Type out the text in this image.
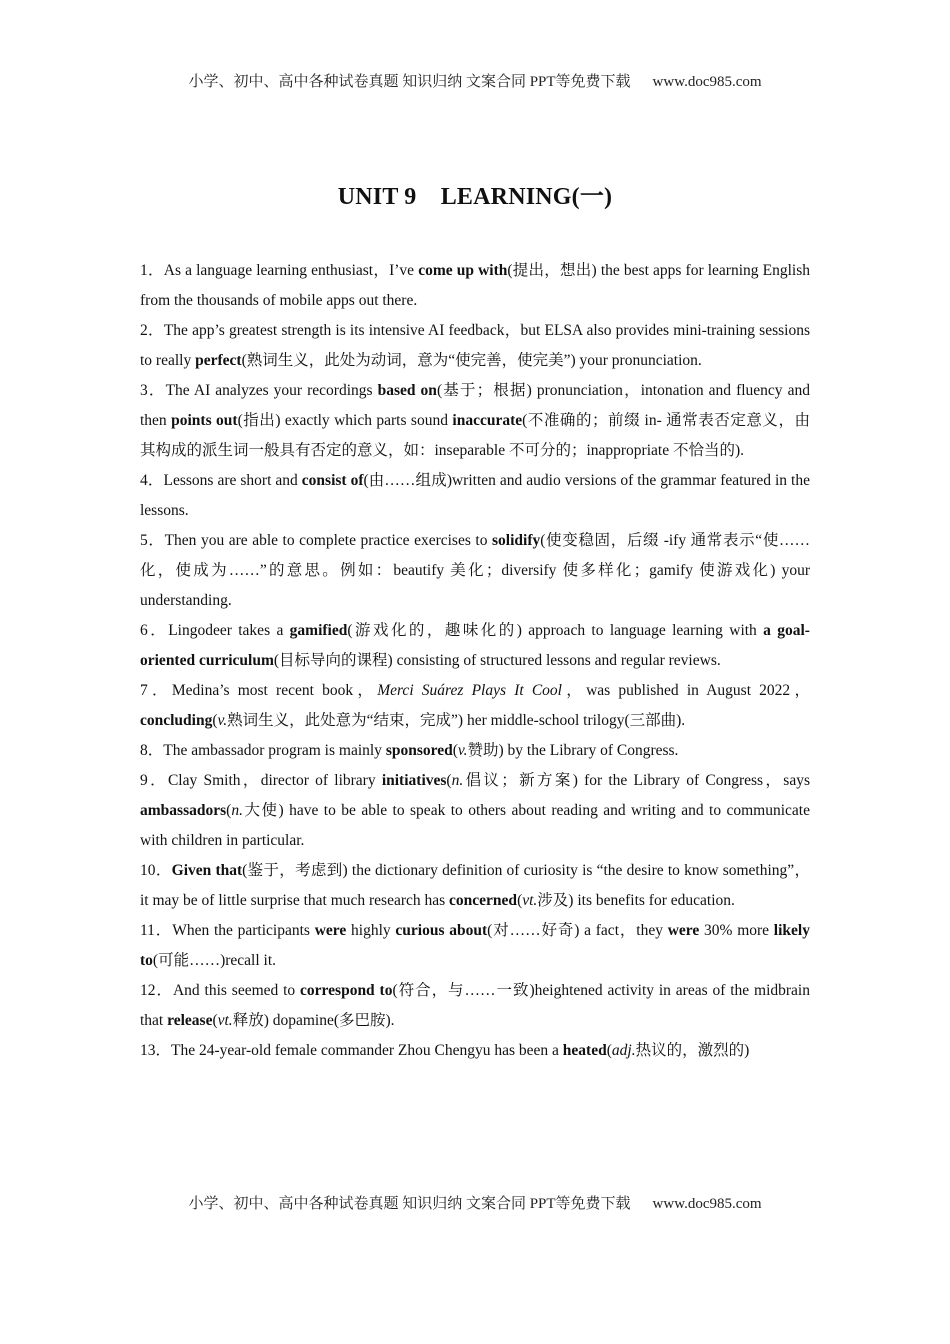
小学、初中、高中各种试卷真题 知识归纳 文案合同 PPT等免费下载 www.doc985.com
UNIT 9　LEARNING(一)

1．As a language learning enthusiast，I’ve come up with(提出，想出) the best apps for learning English from the thousands of mobile apps out there.

2．The app’s greatest strength is its intensive AI feedback，but ELSA also provides mini-training sessions to really perfect(熟词生义，此处为动词，意为“使完善，使完美”) your pronunciation.

3．The AI analyzes your recordings based on(基于；根据) pronunciation，intonation and fluency and then points out(指出) exactly which parts sound inaccurate(不准确的；前缀 in- 通常表否定意义，由其构成的派生词一般具有否定的意义，如：inseparable 不可分的；inappropriate 不恰当的).

4．Lessons are short and consist of(由……组成)written and audio versions of the grammar featured in the lessons.

5．Then you are able to complete practice exercises to solidify(使变稳固，后缀 -ify 通常表示“使……化，使成为……”的意思。例如：beautify 美化；diversify 使多样化；gamify 使游戏化) your understanding.

6．Lingodeer takes a gamified(游戏化的，趣味化的) approach to language learning with a goal-oriented curriculum(目标导向的课程) consisting of structured lessons and regular reviews.

7．Medina’s most recent book，Merci Suárez Plays It Cool，was published in August 2022，concluding(v.熟词生义，此处意为“结束，完成”) her middle-school trilogy(三部曲).

8．The ambassador program is mainly sponsored(v.赞助) by the Library of Congress.

9．Clay Smith，director of library initiatives(n.倡议；新方案) for the Library of Congress，says ambassadors(n.大使) have to be able to speak to others about reading and writing and to communicate with children in particular.

10．Given that(鉴于，考虑到) the dictionary definition of curiosity is “the desire to know something”，it may be of little surprise that much research has concerned(vt.涉及) its benefits for education.

11．When the participants were highly curious about(对……好奇) a fact，they were 30% more likely to(可能……)recall it.

12．And this seemed to correspond to(符合，与……一致)heightened activity in areas of the midbrain that release(vt.释放) dopamine(多巴胺).

13．The 24-year-old female commander Zhou Chengyu has been a heated(adj.热议的，激烈的)

小学、初中、高中各种试卷真题 知识归纳 文案合同 PPT等免费下载 www.doc985.com
